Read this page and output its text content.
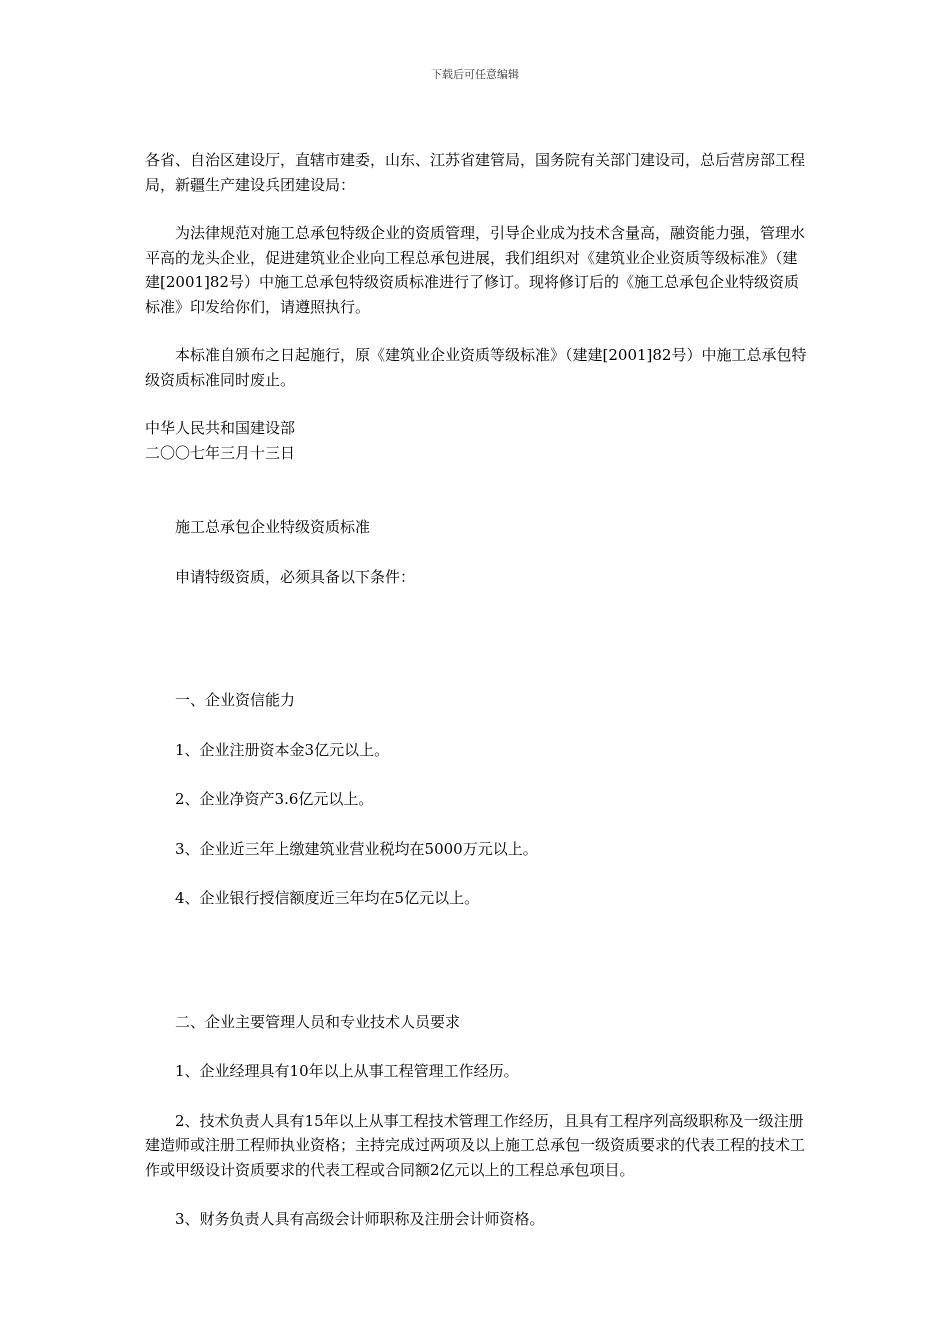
下载后可任意编辑

各省、自治区建设厅，直辖市建委，山东、江苏省建管局，国务院有关部门建设司，总后营房部工程局，新疆生产建设兵团建设局：

为法律规范对施工总承包特级企业的资质管理，引导企业成为技术含量高，融资能力强，管理水平高的龙头企业，促进建筑业企业向工程总承包进展，我们组织对《建筑业企业资质等级标准》（建建[2001]82号）中施工总承包特级资质标准进行了修订。现将修订后的《施工总承包企业特级资质标准》印发给你们，请遵照执行。

本标准自颁布之日起施行，原《建筑业企业资质等级标准》（建建[2001]82号）中施工总承包特级资质标准同时废止。

中华人民共和国建设部

二〇〇七年三月十三日

施工总承包企业特级资质标准

申请特级资质，必须具备以下条件：

一、企业资信能力

1、企业注册资本金3亿元以上。

2、企业净资产3.6亿元以上。

3、企业近三年上缴建筑业营业税均在5000万元以上。

4、企业银行授信额度近三年均在5亿元以上。

二、企业主要管理人员和专业技术人员要求

1、企业经理具有10年以上从事工程管理工作经历。

2、技术负责人具有15年以上从事工程技术管理工作经历，且具有工程序列高级职称及一级注册建造师或注册工程师执业资格；主持完成过两项及以上施工总承包一级资质要求的代表工程的技术工作或甲级设计资质要求的代表工程或合同额2亿元以上的工程总承包项目。

3、财务负责人具有高级会计师职称及注册会计师资格。
